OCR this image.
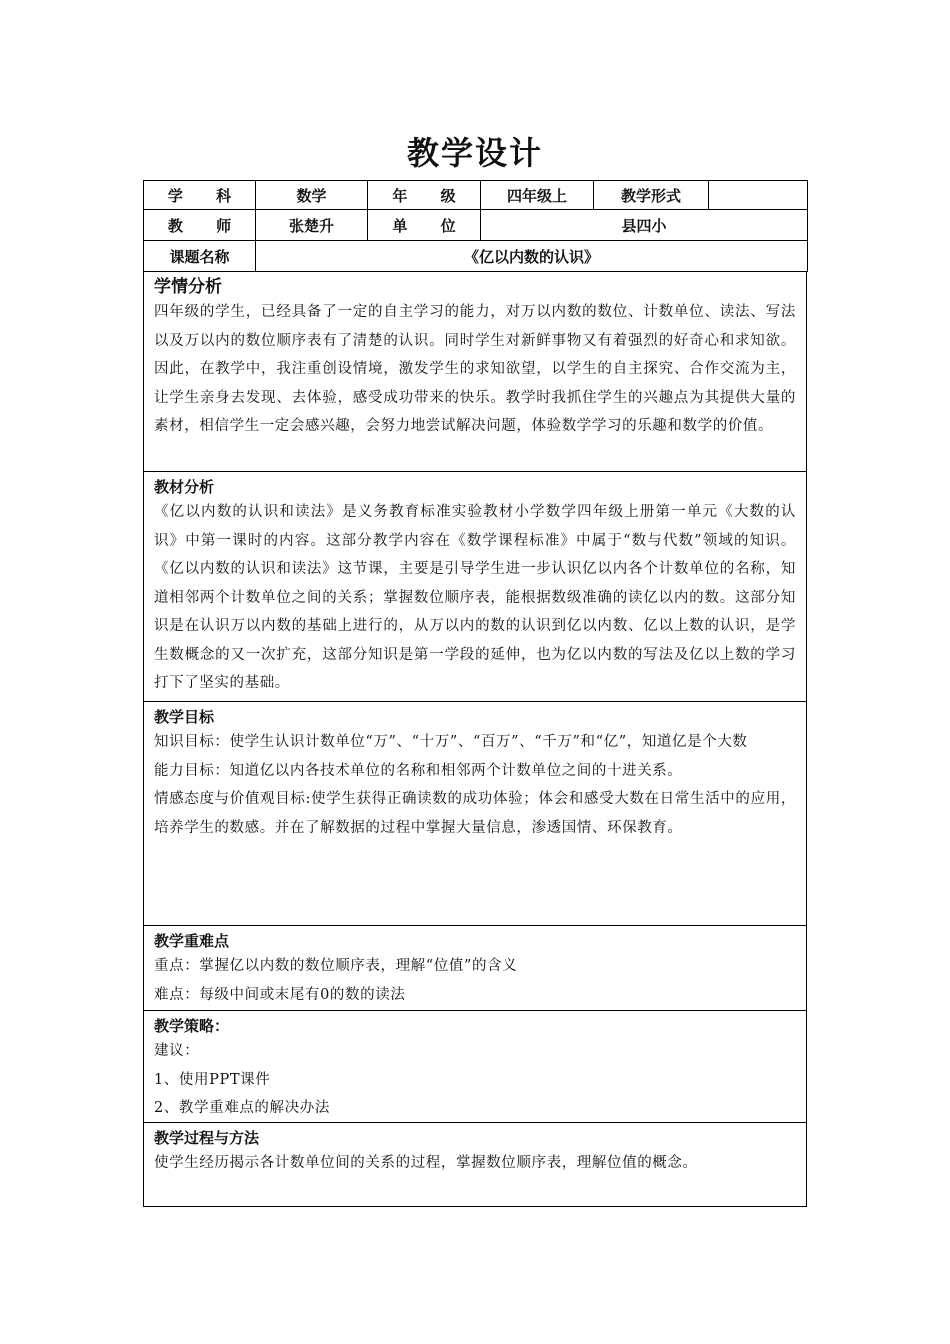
教学设计
学 科	数学	年 级	四年级上	教学形式	
教 师	张楚升	单 位	县四小		
课题名称	《亿以内数的认识》				
学情分析

四年级的学生，已经具备了一定的自主学习的能力，对万以内数的数位、计数单位、读法、写法以及万以内的数位顺序表有了清楚的认识。同时学生对新鲜事物又有着强烈的好奇心和求知欲。因此，在教学中，我注重创设情境，激发学生的求知欲望，以学生的自主探究、合作交流为主，让学生亲身去发现、去体验，感受成功带来的快乐。教学时我抓住学生的兴趣点为其提供大量的素材，相信学生一定会感兴趣，会努力地尝试解决问题，体验数学学习的乐趣和数学的价值。

教材分析

《亿以内数的认识和读法》是义务教育标准实验教材小学数学四年级上册第一单元《大数的认识》中第一课时的内容。这部分教学内容在《数学课程标准》中属于“数与代数”领域的知识。《亿以内数的认识和读法》这节课，主要是引导学生进一步认识亿以内各个计数单位的名称，知道相邻两个计数单位之间的关系；掌握数位顺序表，能根据数级准确的读亿以内的数。这部分知识是在认识万以内数的基础上进行的，从万以内的数的认识到亿以内数、亿以上数的认识，是学生数概念的又一次扩充，这部分知识是第一学段的延伸，也为亿以内数的写法及亿以上数的学习打下了坚实的基础。

教学目标

知识目标：使学生认识计数单位“万”、“十万”、“百万”、“千万”和“亿”，知道亿是个大数

能力目标：知道亿以内各技术单位的名称和相邻两个计数单位之间的十进关系。

情感态度与价值观目标:使学生获得正确读数的成功体验；体会和感受大数在日常生活中的应用，培养学生的数感。并在了解数据的过程中掌握大量信息，渗透国情、环保教育。

教学重难点

重点：掌握亿以内数的数位顺序表，理解“位值”的含义

难点：每级中间或末尾有0的数的读法

教学策略：

建议：

1、使用PPT课件

2、教学重难点的解决办法

教学过程与方法

使学生经历揭示各计数单位间的关系的过程，掌握数位顺序表，理解位值的概念。
